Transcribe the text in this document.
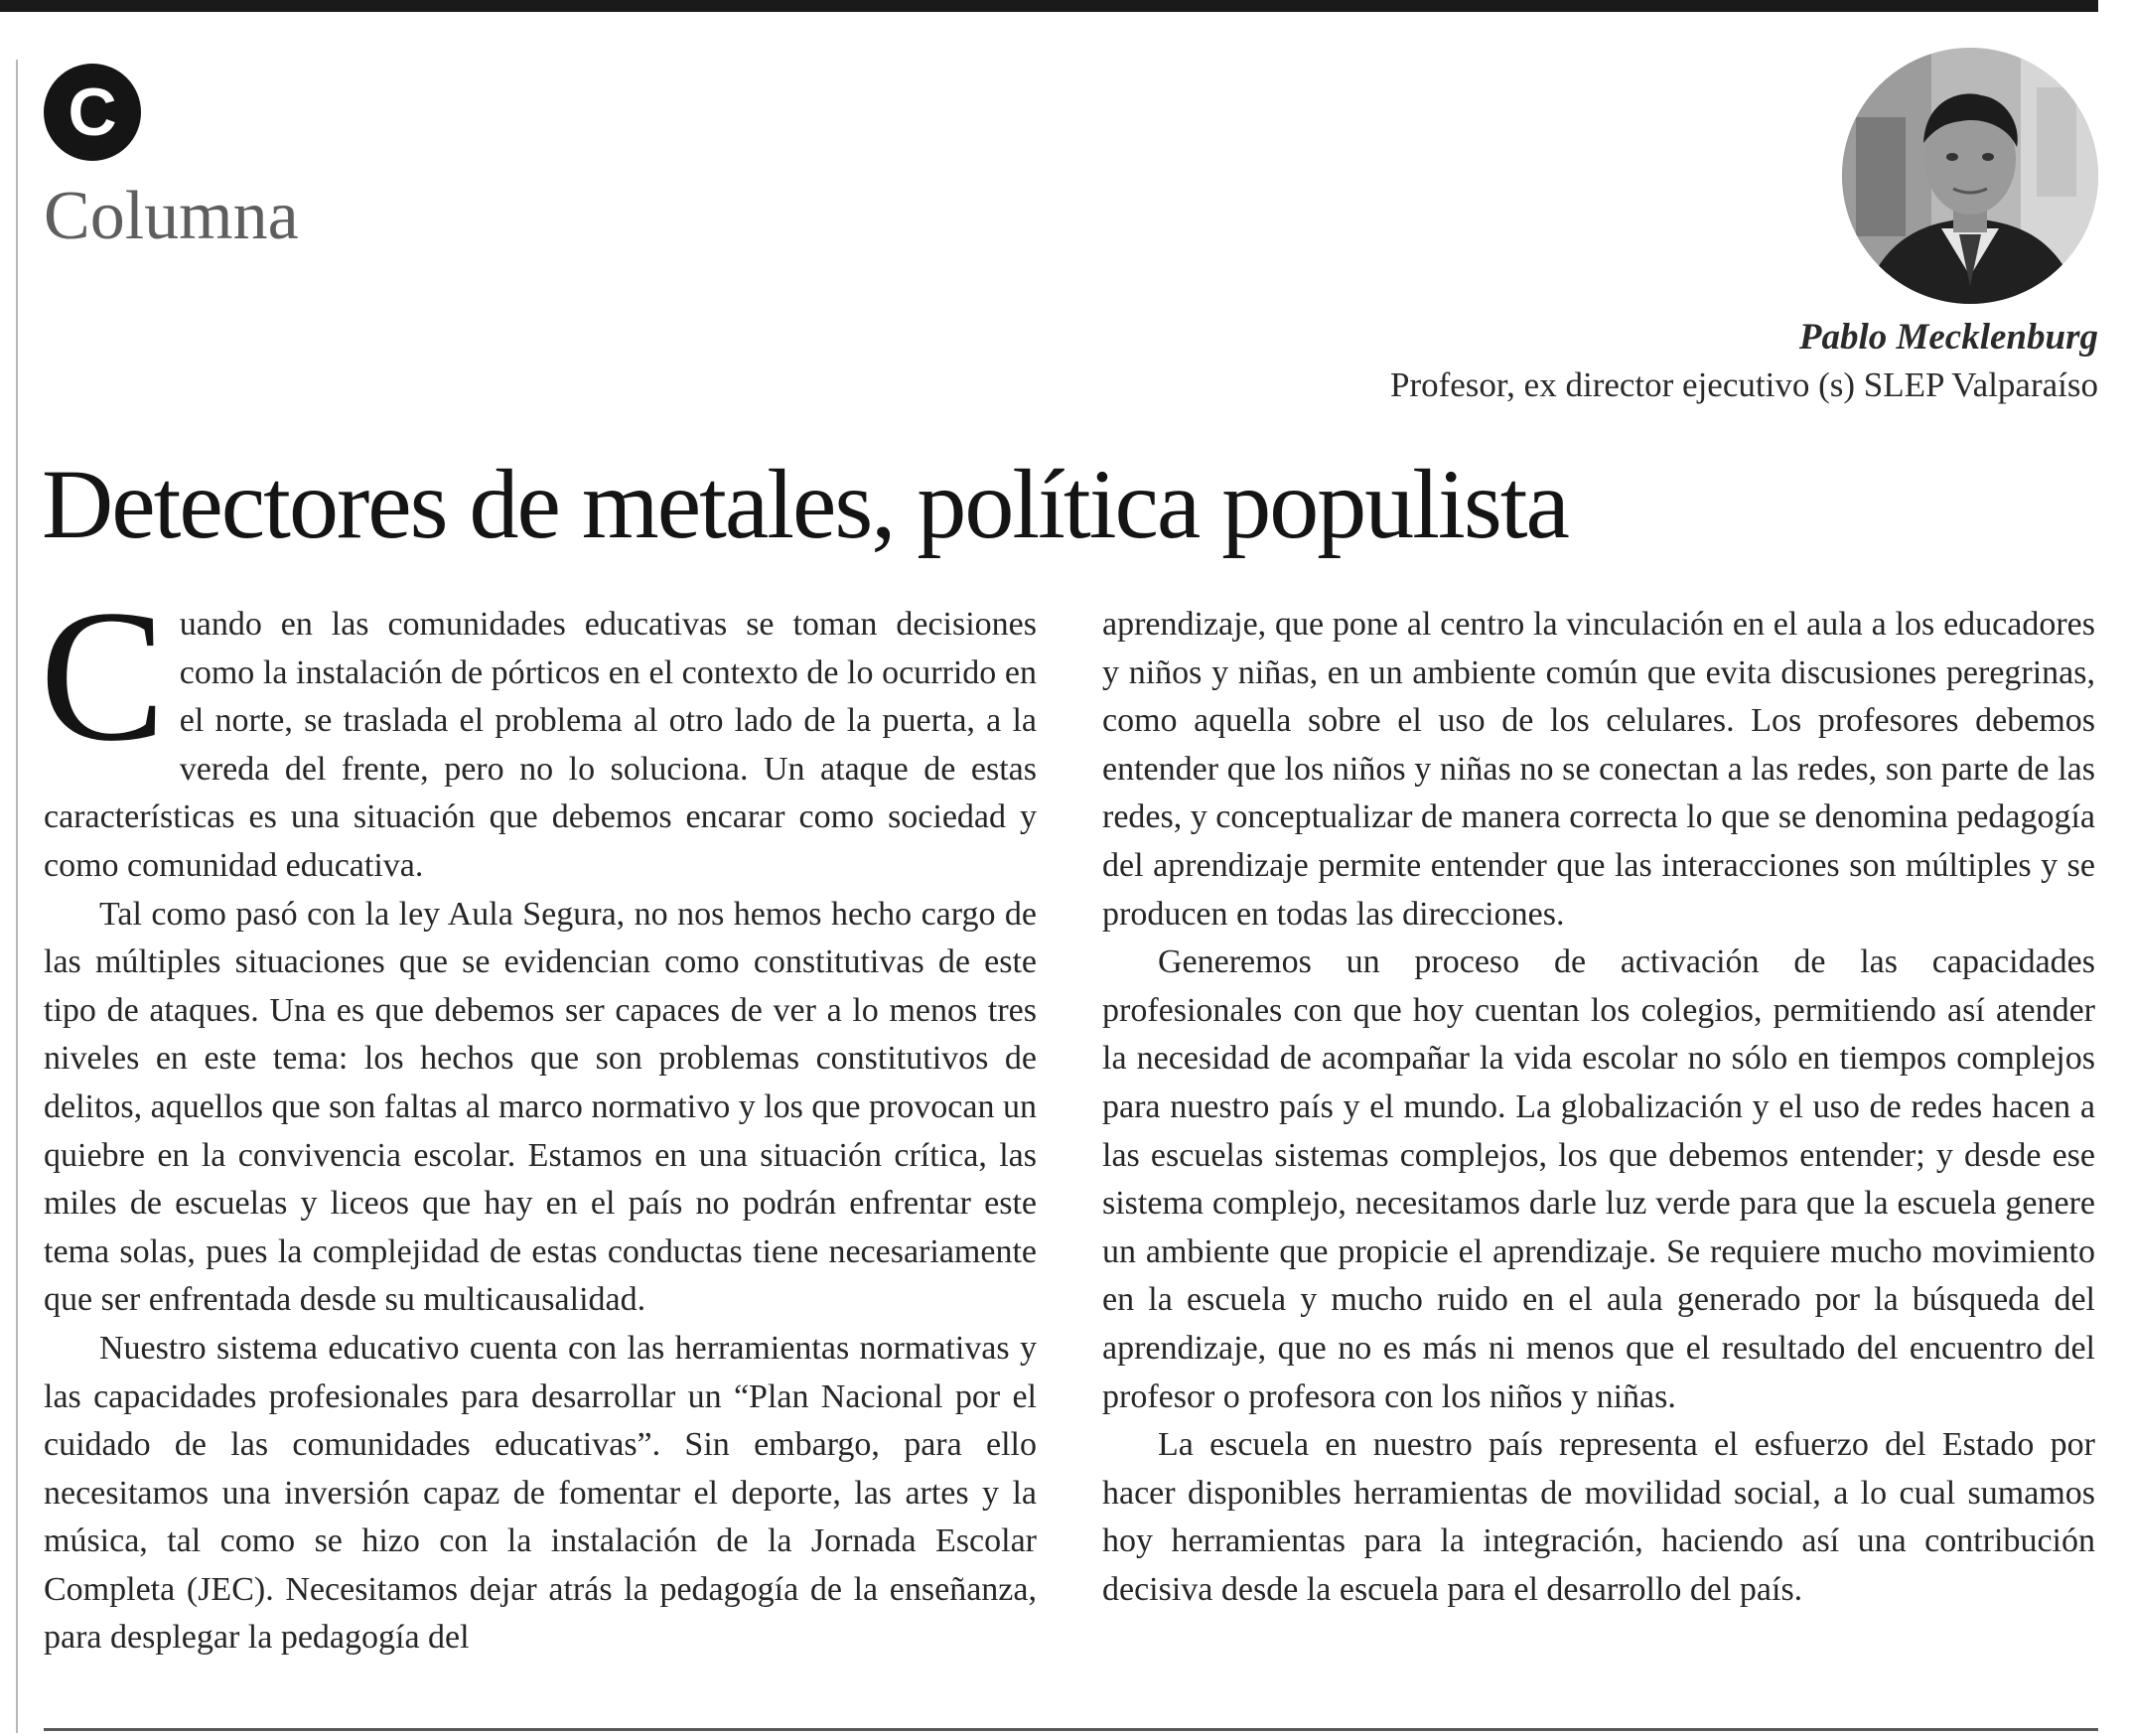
C
Columna
Pablo Mecklenburg
Profesor, ex director ejecutivo (s) SLEP Valparaíso
Detectores de metales, política populista

Cuando en las comunidades educativas se toman decisiones como la instalación de pórticos en el contexto de lo ocurrido en el norte, se traslada el problema al otro lado de la puerta, a la vereda del frente, pero no lo soluciona. Un ataque de estas características es una situación que debemos encarar como sociedad y como comunidad educativa.

Tal como pasó con la ley Aula Segura, no nos hemos hecho cargo de las múltiples situaciones que se evidencian como constitutivas de este tipo de ataques. Una es que debemos ser capaces de ver a lo menos tres niveles en este tema: los hechos que son problemas constitutivos de delitos, aquellos que son faltas al marco normativo y los que provocan un quiebre en la convivencia escolar. Estamos en una situación crítica, las miles de escuelas y liceos que hay en el país no podrán enfrentar este tema solas, pues la complejidad de estas conductas tiene necesariamente que ser enfrentada desde su multicausalidad.

Nuestro sistema educativo cuenta con las herramientas normativas y las capacidades profesionales para desarrollar un “Plan Nacional por el cuidado de las comunidades educativas”. Sin embargo, para ello necesitamos una inversión capaz de fomentar el deporte, las artes y la música, tal como se hizo con la instalación de la Jornada Escolar Completa (JEC). Necesitamos dejar atrás la pedagogía de la enseñanza, para desplegar la pedagogía del

aprendizaje, que pone al centro la vinculación en el aula a los educadores y niños y niñas, en un ambiente común que evita discusiones peregrinas, como aquella sobre el uso de los celulares. Los profesores debemos entender que los niños y niñas no se conectan a las redes, son parte de las redes, y conceptualizar de manera correcta lo que se denomina pedagogía del aprendizaje permite entender que las interacciones son múltiples y se producen en todas las direcciones.

Generemos un proceso de activación de las capacidades profesionales con que hoy cuentan los colegios, permitiendo así atender la necesidad de acompañar la vida escolar no sólo en tiempos complejos para nuestro país y el mundo. La globalización y el uso de redes hacen a las escuelas sistemas complejos, los que debemos entender; y desde ese sistema complejo, necesitamos darle luz verde para que la escuela genere un ambiente que propicie el aprendizaje. Se requiere mucho movimiento en la escuela y mucho ruido en el aula generado por la búsqueda del aprendizaje, que no es más ni menos que el resultado del encuentro del profesor o profesora con los niños y niñas.

La escuela en nuestro país representa el esfuerzo del Estado por hacer disponibles herramientas de movilidad social, a lo cual sumamos hoy herramientas para la integración, haciendo así una contribución decisiva desde la escuela para el desarrollo del país.
